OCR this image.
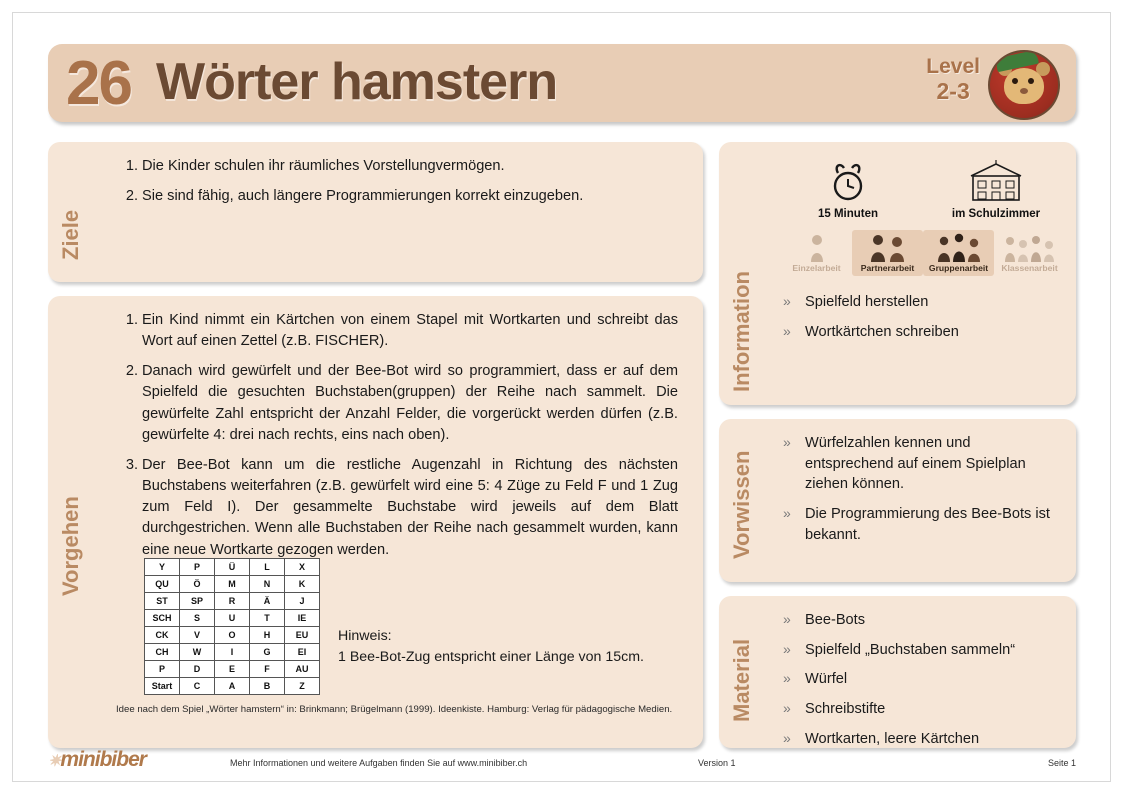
26 Wörter hamstern	Level
2-3
Ziele
1. Die Kinder schulen ihr räumliches Vorstellungvermögen.
2. Sie sind fähig, auch längere Programmierungen korrekt einzugeben.
Vorgehen
1. Ein Kind nimmt ein Kärtchen von einem Stapel mit Wortkarten und schreibt das Wort auf einen Zettel (z.B. FISCHER).
2. Danach wird gewürfelt und der Bee-Bot wird so programmiert, dass er auf dem Spielfeld die gesuchten Buchstaben(gruppen) der Reihe nach sammelt. Die gewürfelte Zahl entspricht der Anzahl Felder, die vorgerückt werden dürfen (z.B. gewürfelte 4: drei nach rechts, eins nach oben).
3. Der Bee-Bot kann um die restliche Augenzahl in Richtung des nächsten Buchstabens weiterfahren (z.B. gewürfelt wird eine 5: 4 Züge zu Feld F und 1 Zug zum Feld I). Der gesammelte Buchstabe wird jeweils auf dem Blatt durchgestrichen. Wenn alle Buchstaben der Reihe nach gesammelt wurden, kann eine neue Wortkarte gezogen werden.
Y	P	Ü	L	X
QU	Ö	M	N	K
ST	SP	R	Ä	J
SCH	S	U	T	IE
CK	V	O	H	EU
CH	W	I	G	EI
P	D	E	F	AU
Start	C	A	B	Z
Hinweis:
1 Bee-Bot-Zug entspricht einer Länge von 15cm.
Idee nach dem Spiel „Wörter hamstern“ in: Brinkmann; Brügelmann (1999). Ideenkiste. Hamburg: Verlag für pädagogische Medien.
Information
15 Minuten	im Schulzimmer
Einzelarbeit	Partnerarbeit	Gruppenarbeit	Klassenarbeit
» Spielfeld herstellen
» Wortkärtchen schreiben
Vorwissen
» Würfelzahlen kennen und entsprechend auf einem Spielplan ziehen können.
» Die Programmierung des Bee-Bots ist bekannt.
Material
» Bee-Bots
» Spielfeld „Buchstaben sammeln“
» Würfel
» Schreibstifte
» Wortkarten, leere Kärtchen
✷minibiber	Mehr Informationen und weitere Aufgaben finden Sie auf www.minibiber.ch	Version 1	Seite 1
